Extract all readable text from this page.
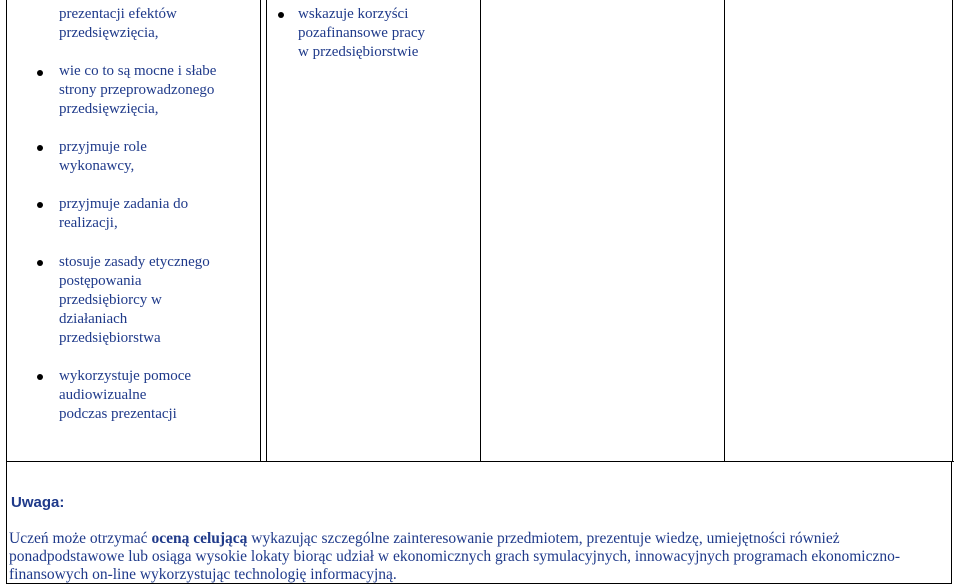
prezentacji efektów
przedsięwzięcia,
wie co to są mocne i słabe
strony przeprowadzonego
przedsięwzięcia,
przyjmuje role
wykonawcy,
przyjmuje zadania do
realizacji,
stosuje zasady etycznego
postępowania
przedsiębiorcy w
działaniach
przedsiębiorstwa
wykorzystuje pomoce
audiowizualne
podczas prezentacji
wskazuje korzyści
pozafinansowe pracy
w przedsiębiorstwie
Uwaga:
Uczeń może otrzymać oceną celującą wykazując szczególne zainteresowanie przedmiotem, prezentuje wiedzę, umiejętności również ponadpodstawowe lub osiąga wysokie lokaty biorąc udział w ekonomicznych grach symulacyjnych, innowacyjnych programach ekonomiczno-finansowych on-line wykorzystując technologię informacyjną.
